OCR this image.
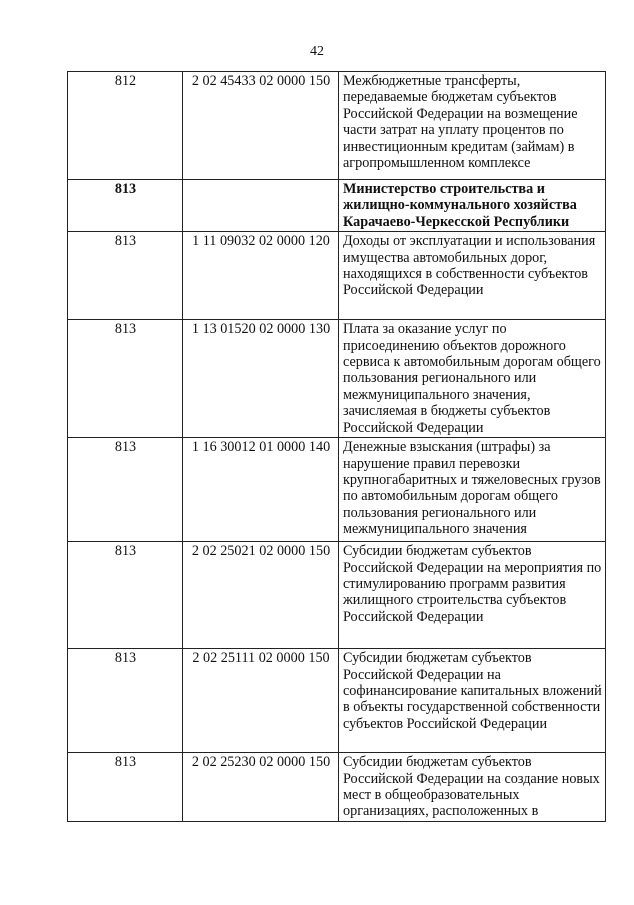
42
812	2 02 45433 02 0000 150	Межбюджетные трансферты, передаваемые бюджетам субъектов Российской Федерации на возмещение части затрат на уплату процентов по инвестиционным кредитам (займам) в агропромышленном комплексе
813		Министерство строительства и жилищно-коммунального хозяйства Карачаево-Черкесской Республики
813	1 11 09032 02 0000 120	Доходы от эксплуатации и использования имущества автомобильных дорог, находящихся в собственности субъектов Российской Федерации
813	1 13 01520 02 0000 130	Плата за оказание услуг по присоединению объектов дорожного сервиса к автомобильным дорогам общего пользования регионального или межмуниципального значения, зачисляемая в бюджеты субъектов Российской Федерации
813	1 16 30012 01 0000 140	Денежные взыскания (штрафы) за нарушение правил перевозки крупногабаритных и тяжеловесных грузов по автомобильным дорогам общего пользования регионального или межмуниципального значения
813	2 02 25021 02 0000 150	Субсидии бюджетам субъектов Российской Федерации на мероприятия по стимулированию программ развития жилищного строительства субъектов Российской Федерации
813	2 02 25111 02 0000 150	Субсидии бюджетам субъектов Российской Федерации на софинансирование капитальных вложений в объекты государственной собственности субъектов Российской Федерации
813	2 02 25230 02 0000 150	Субсидии бюджетам субъектов Российской Федерации на создание новых мест в общеобразовательных организациях, расположенных в
